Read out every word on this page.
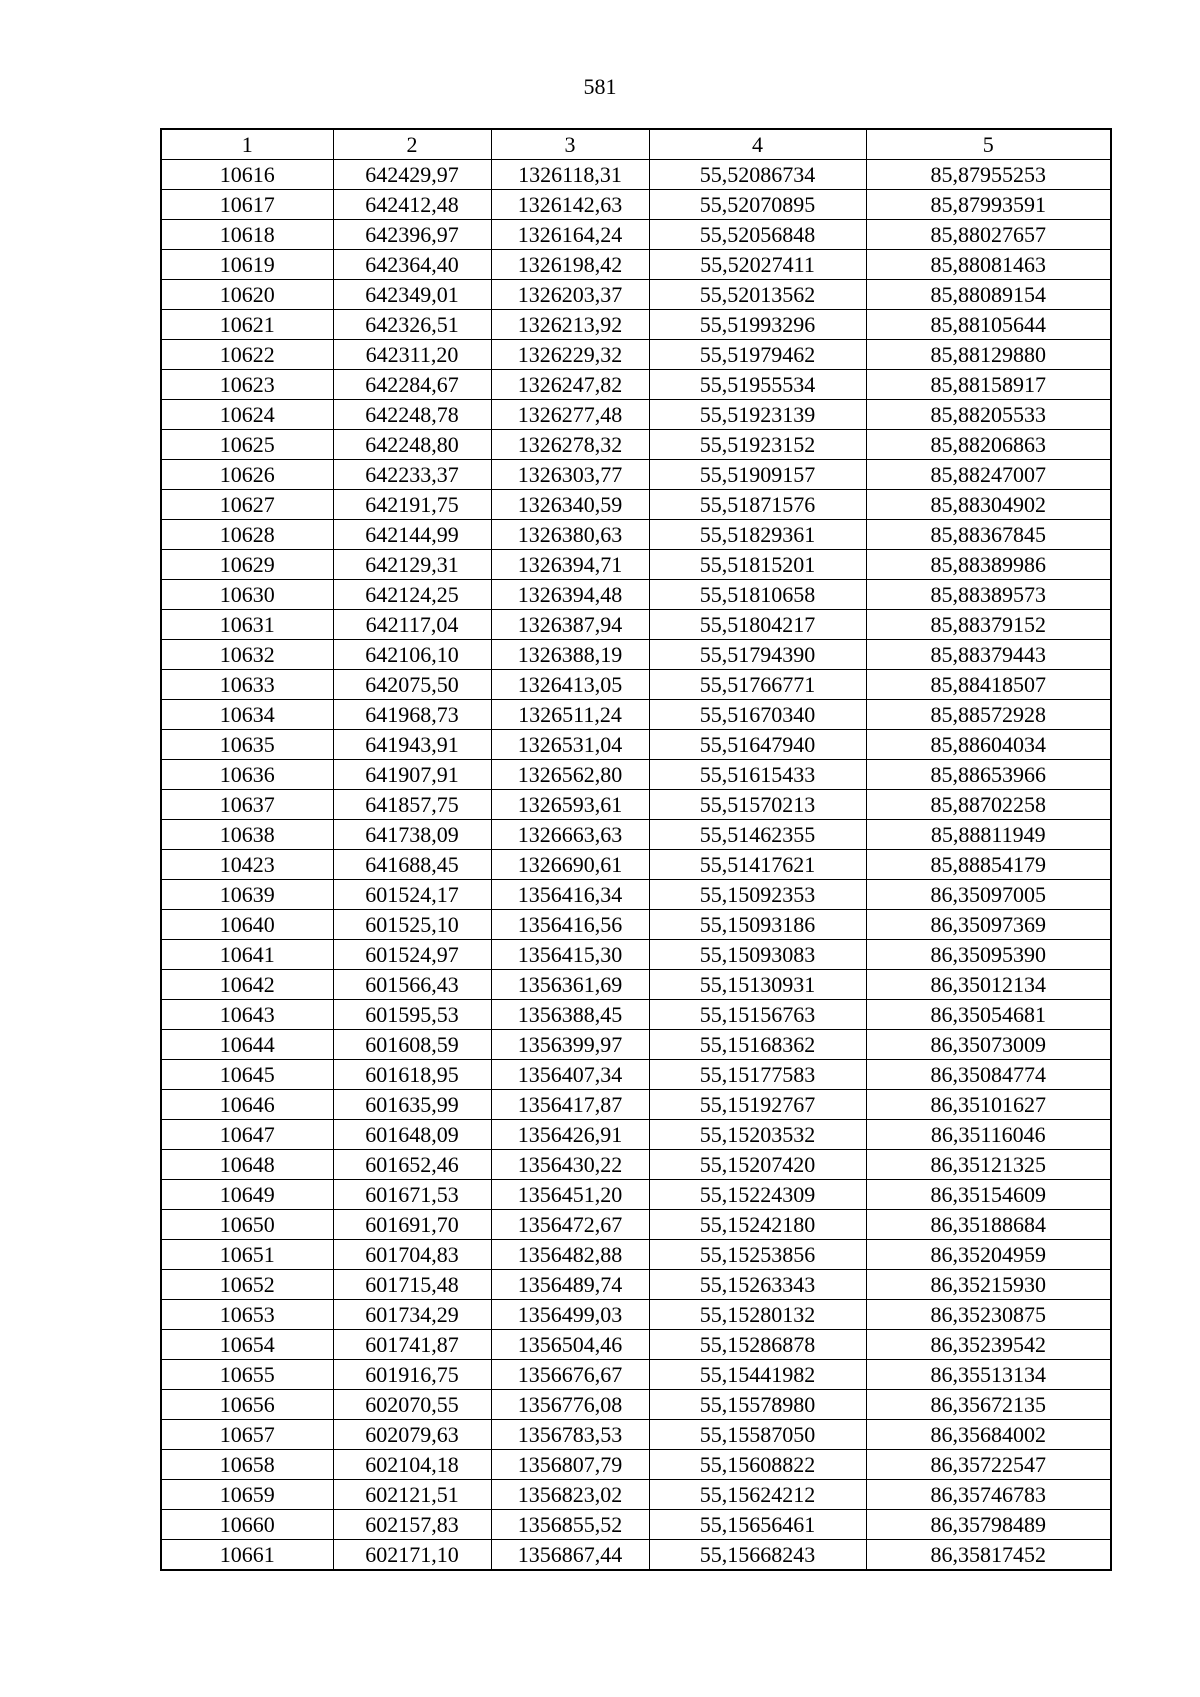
581
1	2	3	4	5
10616	642429,97	1326118,31	55,52086734	85,87955253
10617	642412,48	1326142,63	55,52070895	85,87993591
10618	642396,97	1326164,24	55,52056848	85,88027657
10619	642364,40	1326198,42	55,52027411	85,88081463
10620	642349,01	1326203,37	55,52013562	85,88089154
10621	642326,51	1326213,92	55,51993296	85,88105644
10622	642311,20	1326229,32	55,51979462	85,88129880
10623	642284,67	1326247,82	55,51955534	85,88158917
10624	642248,78	1326277,48	55,51923139	85,88205533
10625	642248,80	1326278,32	55,51923152	85,88206863
10626	642233,37	1326303,77	55,51909157	85,88247007
10627	642191,75	1326340,59	55,51871576	85,88304902
10628	642144,99	1326380,63	55,51829361	85,88367845
10629	642129,31	1326394,71	55,51815201	85,88389986
10630	642124,25	1326394,48	55,51810658	85,88389573
10631	642117,04	1326387,94	55,51804217	85,88379152
10632	642106,10	1326388,19	55,51794390	85,88379443
10633	642075,50	1326413,05	55,51766771	85,88418507
10634	641968,73	1326511,24	55,51670340	85,88572928
10635	641943,91	1326531,04	55,51647940	85,88604034
10636	641907,91	1326562,80	55,51615433	85,88653966
10637	641857,75	1326593,61	55,51570213	85,88702258
10638	641738,09	1326663,63	55,51462355	85,88811949
10423	641688,45	1326690,61	55,51417621	85,88854179
10639	601524,17	1356416,34	55,15092353	86,35097005
10640	601525,10	1356416,56	55,15093186	86,35097369
10641	601524,97	1356415,30	55,15093083	86,35095390
10642	601566,43	1356361,69	55,15130931	86,35012134
10643	601595,53	1356388,45	55,15156763	86,35054681
10644	601608,59	1356399,97	55,15168362	86,35073009
10645	601618,95	1356407,34	55,15177583	86,35084774
10646	601635,99	1356417,87	55,15192767	86,35101627
10647	601648,09	1356426,91	55,15203532	86,35116046
10648	601652,46	1356430,22	55,15207420	86,35121325
10649	601671,53	1356451,20	55,15224309	86,35154609
10650	601691,70	1356472,67	55,15242180	86,35188684
10651	601704,83	1356482,88	55,15253856	86,35204959
10652	601715,48	1356489,74	55,15263343	86,35215930
10653	601734,29	1356499,03	55,15280132	86,35230875
10654	601741,87	1356504,46	55,15286878	86,35239542
10655	601916,75	1356676,67	55,15441982	86,35513134
10656	602070,55	1356776,08	55,15578980	86,35672135
10657	602079,63	1356783,53	55,15587050	86,35684002
10658	602104,18	1356807,79	55,15608822	86,35722547
10659	602121,51	1356823,02	55,15624212	86,35746783
10660	602157,83	1356855,52	55,15656461	86,35798489
10661	602171,10	1356867,44	55,15668243	86,35817452
